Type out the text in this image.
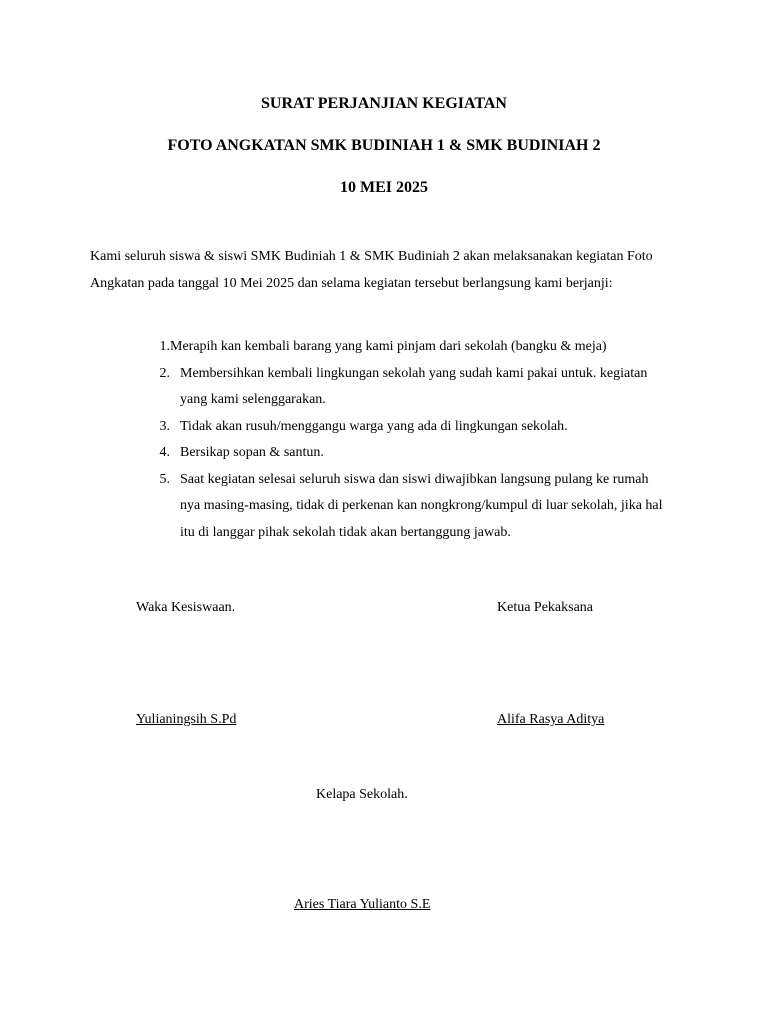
SURAT PERJANJIAN KEGIATAN
FOTO ANGKATAN SMK BUDINIAH 1 & SMK BUDINIAH 2
10 MEI 2025

Kami seluruh siswa & siswi SMK Budiniah 1 & SMK Budiniah 2 akan melaksanakan kegiatan Foto Angkatan pada tanggal 10 Mei 2025 dan selama kegiatan tersebut berlangsung kami berjanji:

1. Merapih kan kembali barang yang kami pinjam dari sekolah (bangku & meja)
2. Membersihkan kembali lingkungan sekolah yang sudah kami pakai untuk. kegiatan yang kami selenggarakan.
3. Tidak akan rusuh/menggangu warga yang ada di lingkungan sekolah.
4. Bersikap sopan & santun.
5. Saat kegiatan selesai seluruh siswa dan siswi diwajibkan langsung pulang ke rumah nya masing-masing, tidak di perkenan kan nongkrong/kumpul di luar sekolah, jika hal itu di langgar pihak sekolah tidak akan bertanggung jawab.

Waka Kesiswaan.	Ketua Pekaksana

Yulianingsih S.Pd	Alifa Rasya Aditya

Kelapa Sekolah.

Aries Tiara Yulianto S.E
